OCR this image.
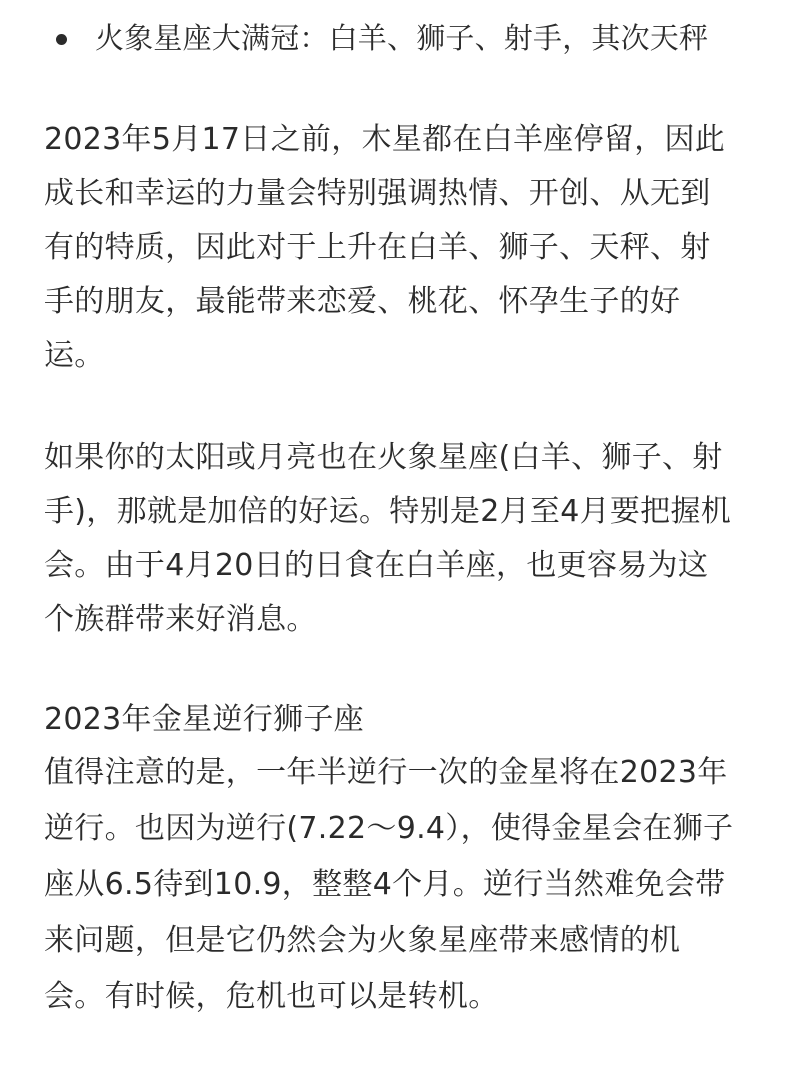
火象星座大满冠：白羊、狮子、射手，其次天秤
2023年5月17日之前，木星都在白羊座停留，因此
成长和幸运的力量会特别强调热情、开创、从无到
有的特质，因此对于上升在白羊、狮子、天秤、射
手的朋友，最能带来恋爱、桃花、怀孕生子的好
运。
如果你的太阳或月亮也在火象星座(白羊、狮子、射
手)，那就是加倍的好运。特别是2月至4月要把握机
会。由于4月20日的日食在白羊座，也更容易为这
个族群带来好消息。
2023年金星逆行狮子座
值得注意的是，一年半逆行一次的金星将在2023年
逆行。也因为逆行(7.22～9.4），使得金星会在狮子
座从6.5待到10.9，整整4个月。逆行当然难免会带
来问题，但是它仍然会为火象星座带来感情的机
会。有时候，危机也可以是转机。
